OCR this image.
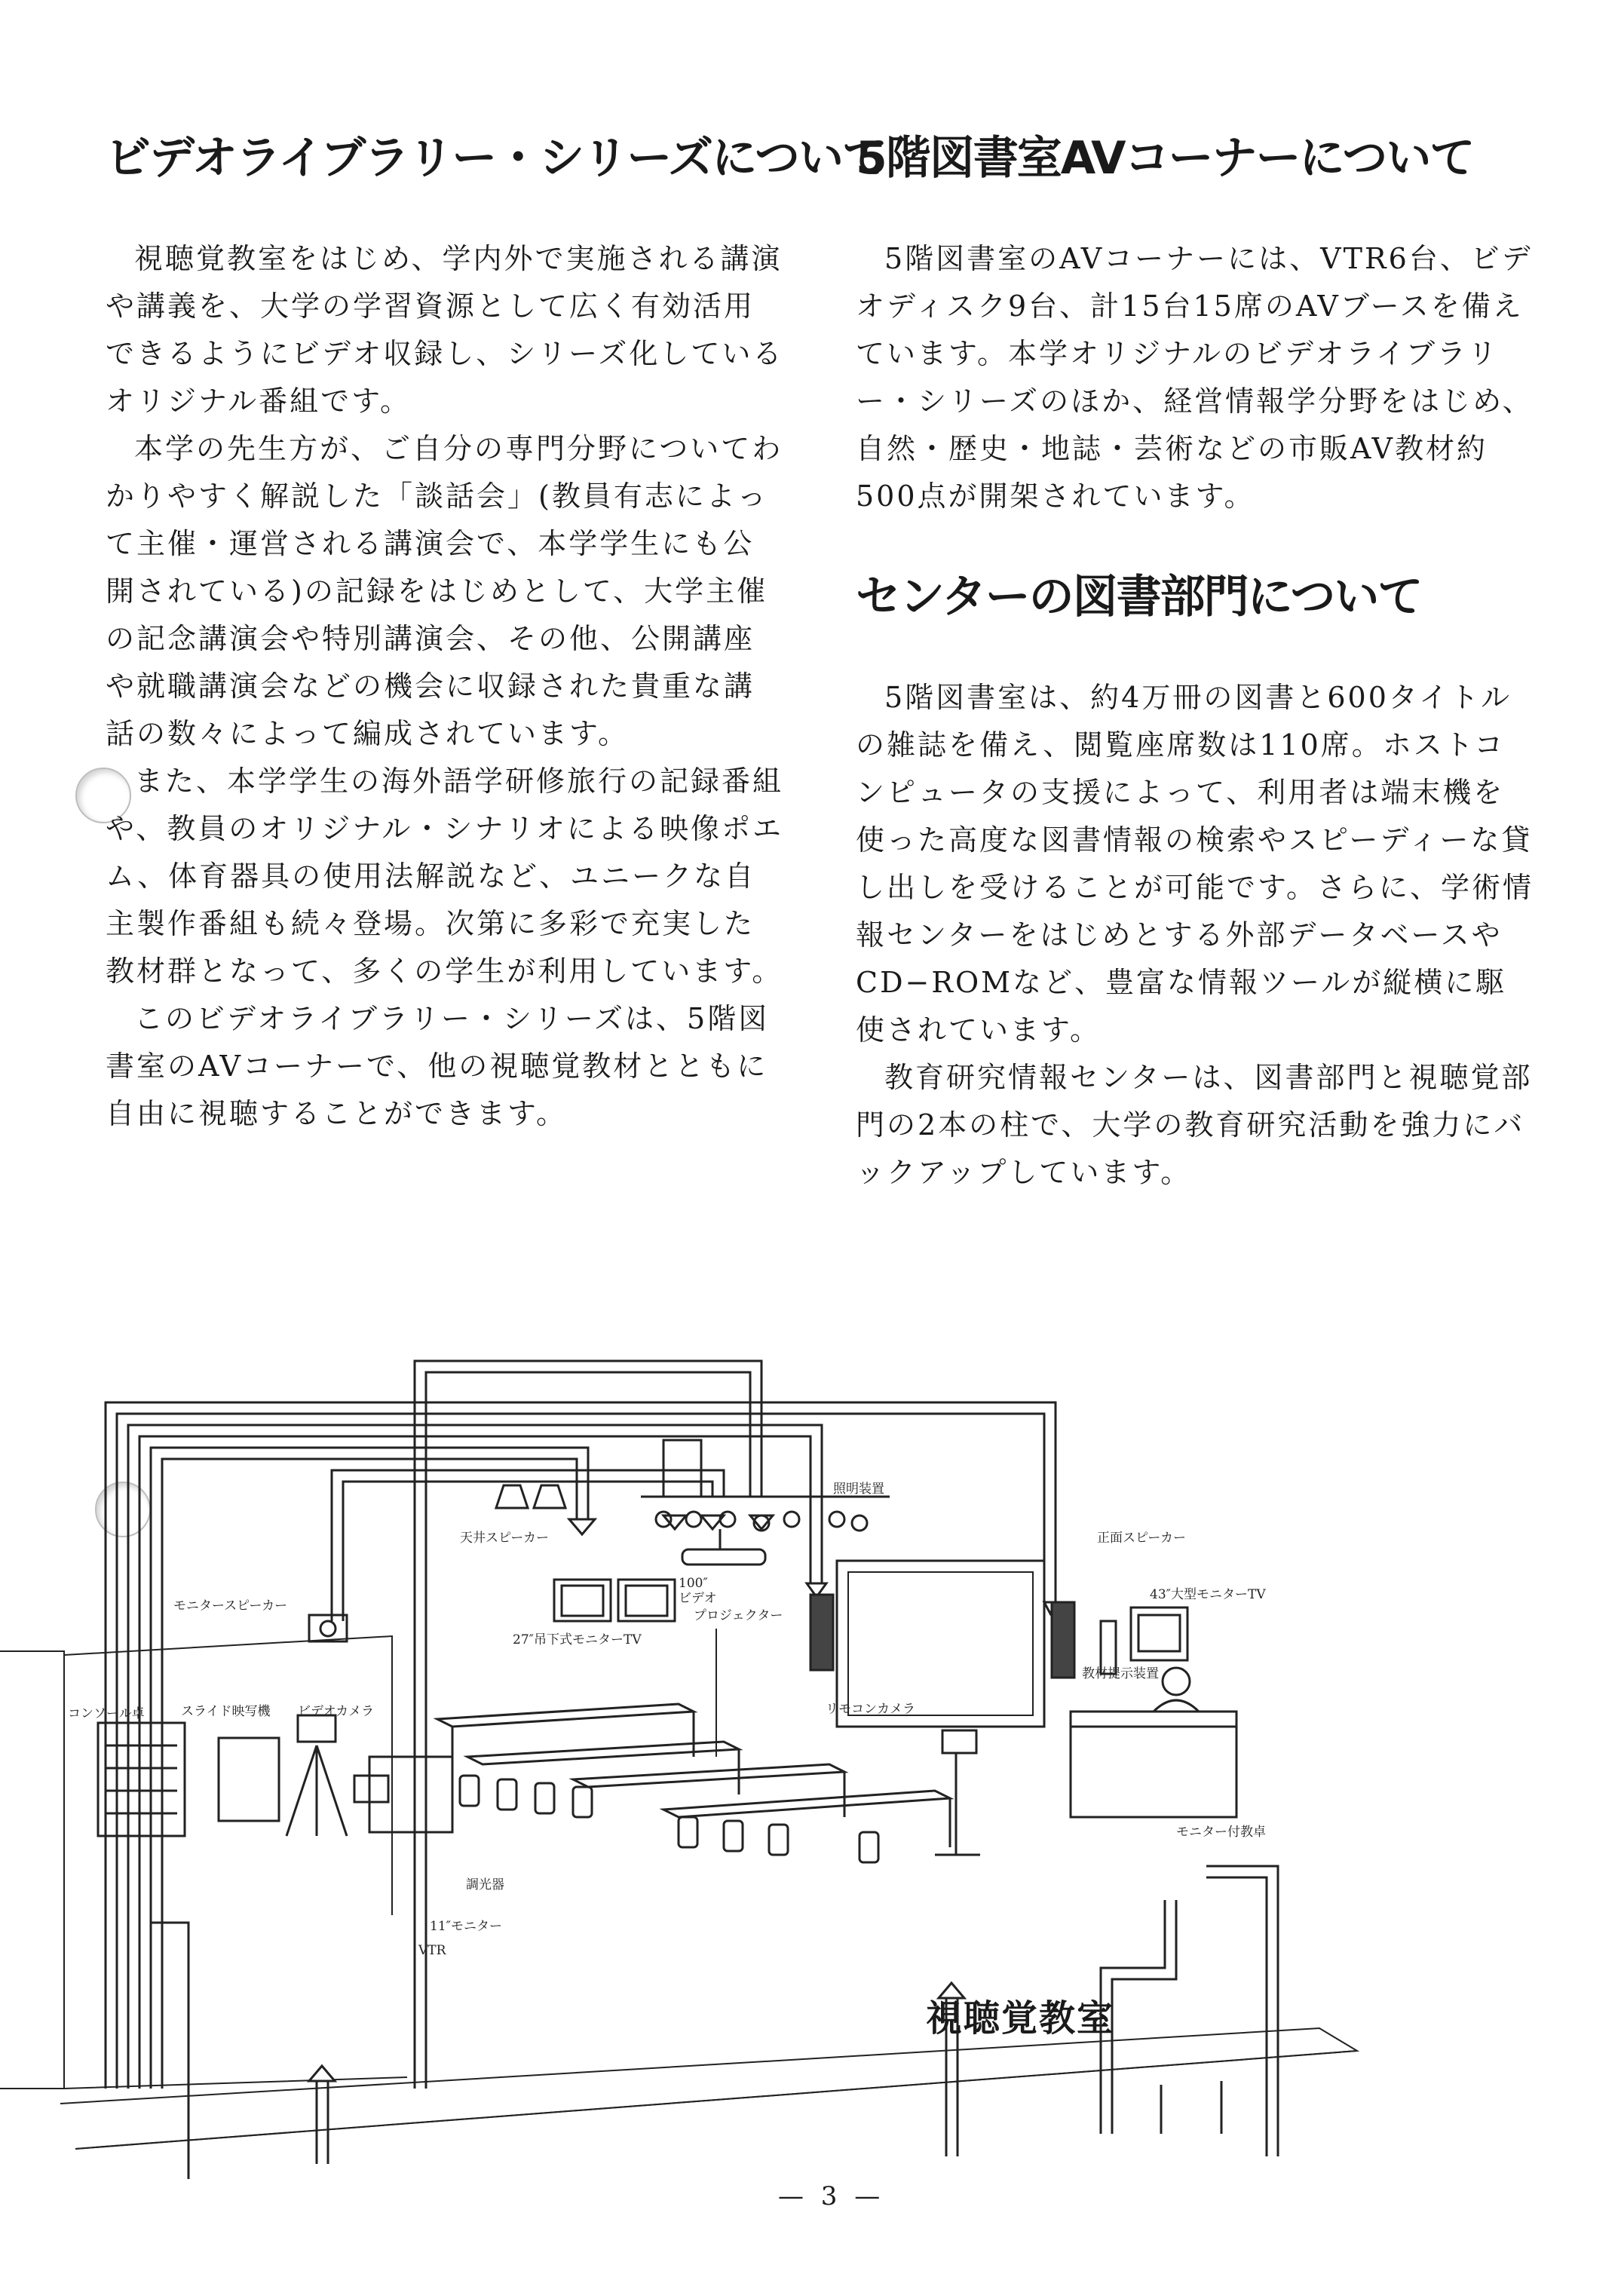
ビデオライブラリー・シリーズについて

視聴覚教室をはじめ、学内外で実施される講演や講義を、大学の学習資源として広く有効活用できるようにビデオ収録し、シリーズ化しているオリジナル番組です。

本学の先生方が、ご自分の専門分野についてわかりやすく解説した「談話会」(教員有志によって主催・運営される講演会で、本学学生にも公開されている)の記録をはじめとして、大学主催の記念講演会や特別講演会、その他、公開講座や就職講演会などの機会に収録された貴重な講話の数々によって編成されています。

また、本学学生の海外語学研修旅行の記録番組や、教員のオリジナル・シナリオによる映像ポエム、体育器具の使用法解説など、ユニークな自主製作番組も続々登場。次第に多彩で充実した教材群となって、多くの学生が利用しています。

このビデオライブラリー・シリーズは、5階図書室のAVコーナーで、他の視聴覚教材とともに自由に視聴することができます。

5階図書室AVコーナーについて

5階図書室のAVコーナーには、VTR6台、ビデオディスク9台、計15台15席のAVブースを備えています。本学オリジナルのビデオライブラリー・シリーズのほか、経営情報学分野をはじめ、自然・歴史・地誌・芸術などの市販AV教材約500点が開架されています。

センターの図書部門について

5階図書室は、約4万冊の図書と600タイトルの雑誌を備え、閲覧座席数は110席。ホストコンピュータの支援によって、利用者は端末機を使った高度な図書情報の検索やスピーディーな貸し出しを受けることが可能です。さらに、学術情報センターをはじめとする外部データベースやCD−ROMなど、豊富な情報ツールが縦横に駆使されています。

教育研究情報センターは、図書部門と視聴覚部門の2本の柱で、大学の教育研究活動を強力にバックアップしています。

照明装置
天井スピーカー	正面スピーカー
モニタースピーカー
27″吊下式モニターTV
100″
ビデオ
プロジェクター
43″大型モニターTV
教材提示装置
コンソール卓	スライド映写機 ビデオカメラ	リモコンカメラ
調光器
11″モニター
VTR
モニター付教卓
視聴覚教室
— 3 —
